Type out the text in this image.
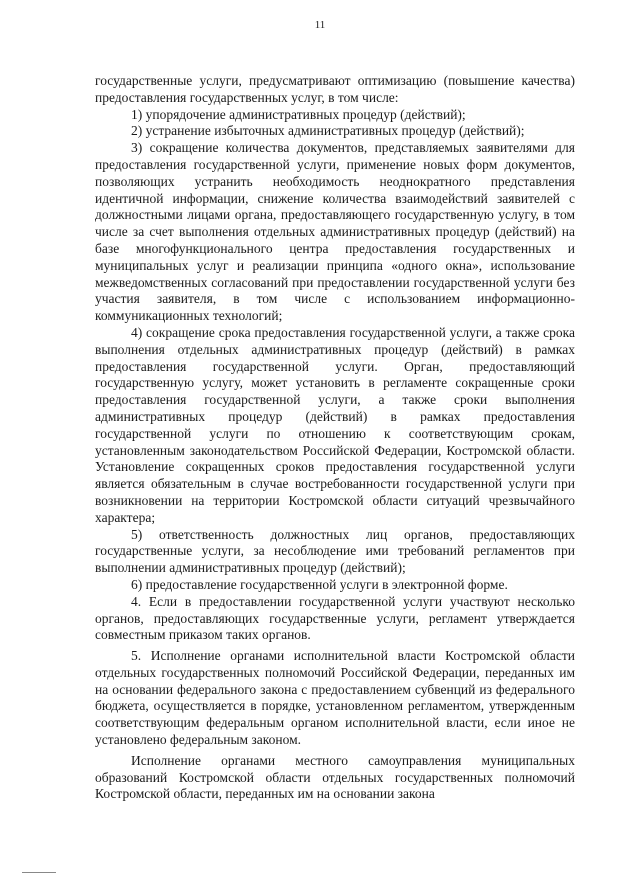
11

государственные услуги, предусматривают оптимизацию (повышение качества) предоставления государственных услуг, в том числе:

1) упорядочение административных процедур (действий);

2) устранение избыточных административных процедур (действий);

3) сокращение количества документов, представляемых заявителями для предоставления государственной услуги, применение новых форм документов, позволяющих устранить необходимость неоднократного представления идентичной информации, снижение количества взаимодействий заявителей с должностными лицами органа, предоставляющего государственную услугу, в том числе за счет выполнения отдельных административных процедур (действий) на базе многофункционального центра предоставления государственных и муниципальных услуг и реализации принципа «одного окна», использование межведомственных согласований при предоставлении государственной услуги без участия заявителя, в том числе с использованием информационно-коммуникационных технологий;

4) сокращение срока предоставления государственной услуги, а также срока выполнения отдельных административных процедур (действий) в рамках предоставления государственной услуги. Орган, предоставляющий государственную услугу, может установить в регламенте сокращенные сроки предоставления государственной услуги, а также сроки выполнения административных процедур (действий) в рамках предоставления государственной услуги по отношению к соответствующим срокам, установленным законодательством Российской Федерации, Костромской области. Установление сокращенных сроков предоставления государственной услуги является обязательным в случае востребованности государственной услуги при возникновении на территории Костромской области ситуаций чрезвычайного характера;

5) ответственность должностных лиц органов, предоставляющих государственные услуги, за несоблюдение ими требований регламентов при выполнении административных процедур (действий);

6) предоставление государственной услуги в электронной форме.

4. Если в предоставлении государственной услуги участвуют несколько органов, предоставляющих государственные услуги, регламент утверждается совместным приказом таких органов.

5. Исполнение органами исполнительной власти Костромской области отдельных государственных полномочий Российской Федерации, переданных им на основании федерального закона с предоставлением субвенций из федерального бюджета, осуществляется в порядке, установленном регламентом, утвержденным соответствующим федеральным органом исполнительной власти, если иное не установлено федеральным законом.

Исполнение органами местного самоуправления муниципальных образований Костромской области отдельных государственных полномочий Костромской области, переданных им на основании закона
